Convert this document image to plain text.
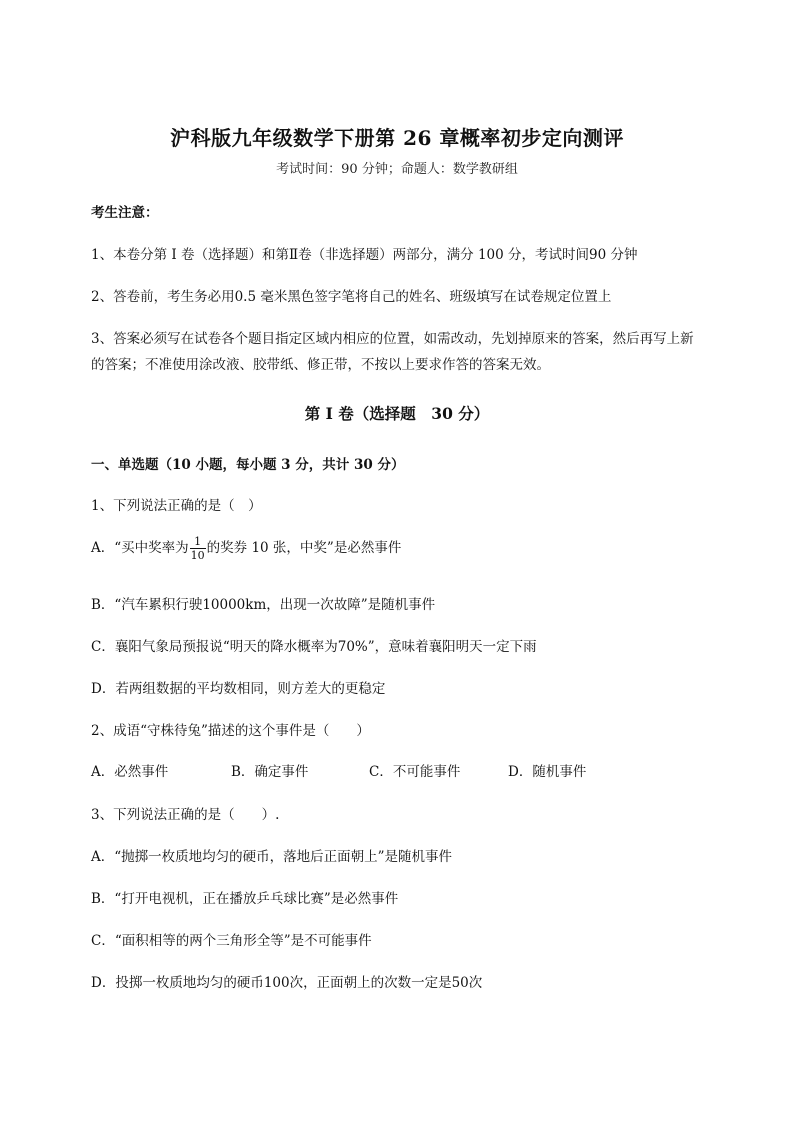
沪科版九年级数学下册第 26 章概率初步定向测评
考试时间：90 分钟；命题人：数学教研组
考生注意：
1、本卷分第 I 卷（选择题）和第Ⅱ卷（非选择题）两部分，满分 100 分，考试时间90 分钟
2、答卷前，考生务必用0.5 毫米黑色签字笔将自己的姓名、班级填写在试卷规定位置上
3、答案必须写在试卷各个题目指定区域内相应的位置，如需改动，先划掉原来的答案，然后再写上新
的答案；不准使用涂改液、胶带纸、修正带，不按以上要求作答的答案无效。
第 I 卷（选择题　30 分）
一、单选题（10 小题，每小题 3 分，共计 30 分）
1、下列说法正确的是（　）
A．“买中奖率为 $\frac{1}{10}$ 的奖券 10 张，中奖”是必然事件
B．“汽车累积行驶10000km，出现一次故障”是随机事件
C．襄阳气象局预报说“明天的降水概率为70%”，意味着襄阳明天一定下雨
D．若两组数据的平均数相同，则方差大的更稳定
2、成语“守株待兔”描述的这个事件是（　　）
A．必然事件	B．确定事件	C．不可能事件	D．随机事件
3、下列说法正确的是（　　）.
A．“抛掷一枚质地均匀的硬币，落地后正面朝上”是随机事件
B．“打开电视机，正在播放乒乓球比赛”是必然事件
C．“面积相等的两个三角形全等”是不可能事件
D．投掷一枚质地均匀的硬币100次，正面朝上的次数一定是50次
